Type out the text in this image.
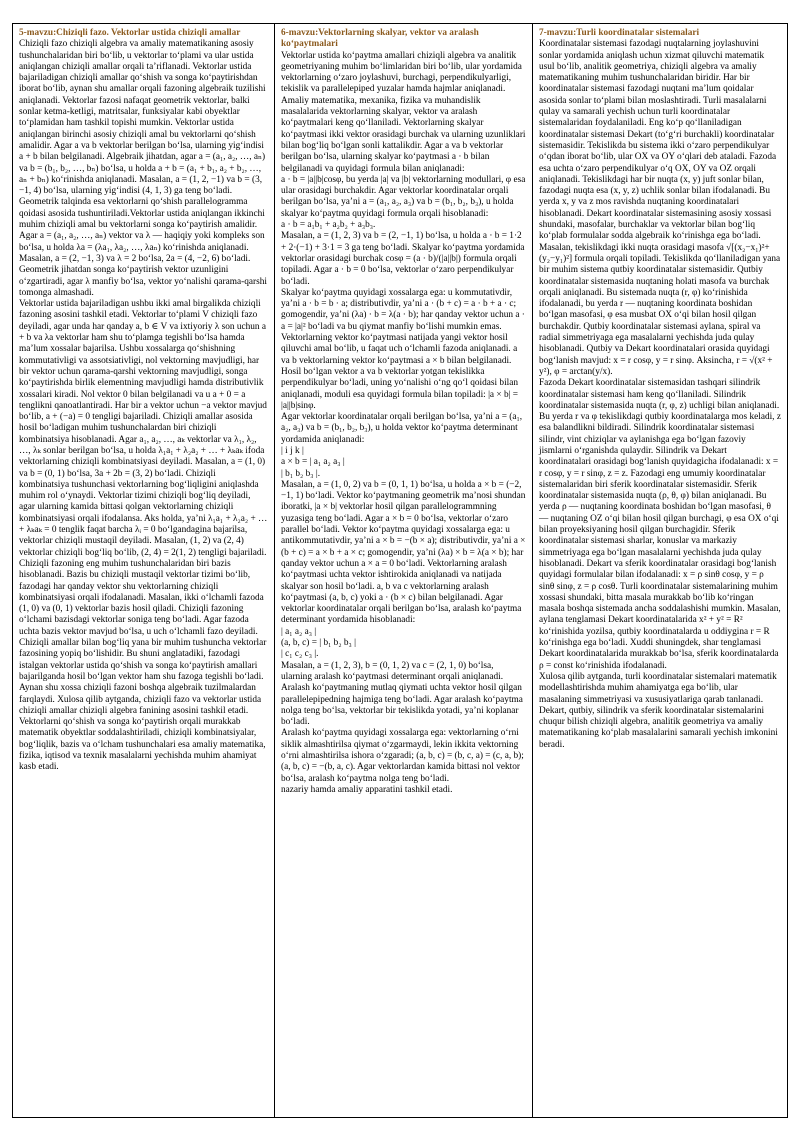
5-mavzu:Chiziqli fazo. Vektorlar ustida chiziqli amallar

Chiziqli fazo chiziqli algebra va amaliy matematikaning asosiy tushunchalaridan biri bo‘lib, u vektorlar to‘plami va ular ustida aniqlangan chiziqli amallar orqali ta’riflanadi. Vektorlar ustida bajariladigan chiziqli amallar qo‘shish va songa ko‘paytirishdan iborat bo‘lib, aynan shu amallar orqali fazoning algebraik tuzilishi aniqlanadi. Vektorlar fazosi nafaqat geometrik vektorlar, balki sonlar ketma-ketligi, matritsalar, funksiyalar kabi obyektlar to‘plamidan ham tashkil topishi mumkin. Vektorlar ustida aniqlangan birinchi asosiy chiziqli amal bu vektorlarni qo‘shish amalidir. Agar a va b vektorlar berilgan bo‘lsa, ularning yig‘indisi a + b bilan belgilanadi. Algebraik jihatdan, agar a = (a₁, a₂, …, aₙ) va b = (b₁, b₂, …, bₙ) bo‘lsa, u holda a + b = (a₁ + b₁, a₂ + b₂, …, aₙ + bₙ) ko‘rinishda aniqlanadi. Masalan, a = (1, 2, −1) va b = (3, −1, 4) bo‘lsa, ularning yig‘indisi (4, 1, 3) ga teng bo‘ladi. Geometrik talqinda esa vektorlarni qo‘shish parallelogramma qoidasi asosida tushuntiriladi.Vektorlar ustida aniqlangan ikkinchi muhim chiziqli amal bu vektorlarni songa ko‘paytirish amalidir. Agar a = (a₁, a₂, …, aₙ) vektor va λ — haqiqiy yoki kompleks son bo‘lsa, u holda λa = (λa₁, λa₂, …, λaₙ) ko‘rinishda aniqlanadi. Masalan, a = (2, −1, 3) va λ = 2 bo‘lsa, 2a = (4, −2, 6) bo‘ladi. Geometrik jihatdan songa ko‘paytirish vektor uzunligini o‘zgartiradi, agar λ manfiy bo‘lsa, vektor yo‘nalishi qarama-qarshi tomonga almashadi.
Vektorlar ustida bajariladigan ushbu ikki amal birgalikda chiziqli fazoning asosini tashkil etadi. Vektorlar to‘plami V chiziqli fazo deyiladi, agar unda har qanday a, b ∈ V va ixtiyoriy λ son uchun a + b va λa vektorlar ham shu to‘plamga tegishli bo‘lsa hamda ma’lum xossalar bajarilsa. Ushbu xossalarga qo‘shishning kommutativligi va assotsiativligi, nol vektorning mavjudligi, har bir vektor uchun qarama-qarshi vektorning mavjudligi, songa ko‘paytirishda birlik elementning mavjudligi hamda distributivlik xossalari kiradi. Nol vektor 0 bilan belgilanadi va u a + 0 = a tenglikni qanoatlantiradi. Har bir a vektor uchun −a vektor mavjud bo‘lib, a + (−a) = 0 tengligi bajariladi. Chiziqli amallar asosida hosil bo‘ladigan muhim tushunchalardan biri chiziqli kombinatsiya hisoblanadi. Agar a₁, a₂, …, aₖ vektorlar va λ₁, λ₂, …, λₖ sonlar berilgan bo‘lsa, u holda λ₁a₁ + λ₂a₂ + … + λₖaₖ ifoda vektorlarning chiziqli kombinatsiyasi deyiladi. Masalan, a = (1, 0) va b = (0, 1) bo‘lsa, 3a + 2b = (3, 2) bo‘ladi. Chiziqli kombinatsiya tushunchasi vektorlarning bog‘liqligini aniqlashda muhim rol o‘ynaydi. Vektorlar tizimi chiziqli bog‘liq deyiladi, agar ularning kamida bittasi qolgan vektorlarning chiziqli kombinatsiyasi orqali ifodalansa. Aks holda, ya’ni λ₁a₁ + λ₂a₂ + … + λₖaₖ = 0 tenglik faqat barcha λᵢ = 0 bo‘lgandagina bajarilsa, vektorlar chiziqli mustaqil deyiladi. Masalan, (1, 2) va (2, 4) vektorlar chiziqli bog‘liq bo‘lib, (2, 4) = 2(1, 2) tengligi bajariladi. Chiziqli fazoning eng muhim tushunchalaridan biri bazis hisoblanadi. Bazis bu chiziqli mustaqil vektorlar tizimi bo‘lib, fazodagi har qanday vektor shu vektorlarning chiziqli kombinatsiyasi orqali ifodalanadi. Masalan, ikki o‘lchamli fazoda (1, 0) va (0, 1) vektorlar bazis hosil qiladi. Chiziqli fazoning o‘lchami bazisdagi vektorlar soniga teng bo‘ladi. Agar fazoda uchta bazis vektor mavjud bo‘lsa, u uch o‘lchamli fazo deyiladi.
Chiziqli amallar bilan bog‘liq yana bir muhim tushuncha vektorlar fazosining yopiq bo‘lishidir. Bu shuni anglatadiki, fazodagi istalgan vektorlar ustida qo‘shish va songa ko‘paytirish amallari bajarilganda hosil bo‘lgan vektor ham shu fazoga tegishli bo‘ladi. Aynan shu xossa chiziqli fazoni boshqa algebraik tuzilmalardan farqlaydi. Xulosa qilib aytganda, chiziqli fazo va vektorlar ustida chiziqli amallar chiziqli algebra fanining asosini tashkil etadi. Vektorlarni qo‘shish va songa ko‘paytirish orqali murakkab matematik obyektlar soddalashtiriladi, chiziqli kombinatsiyalar, bog‘liqlik, bazis va o‘lcham tushunchalari esa amaliy matematika, fizika, iqtisod va texnik masalalarni yechishda muhim ahamiyat kasb etadi.

6-mavzu:Vektorlarning skalyar, vektor va aralash ko‘paytmalari

Vektorlar ustida ko‘paytma amallari chiziqli algebra va analitik geometriyaning muhim bo‘limlaridan biri bo‘lib, ular yordamida vektorlarning o‘zaro joylashuvi, burchagi, perpendikulyarligi, tekislik va parallelepiped yuzalar hamda hajmlar aniqlanadi. Amaliy matematika, mexanika, fizika va muhandislik masalalarida vektorlarning skalyar, vektor va aralash ko‘paytmalari keng qo‘llaniladi. Vektorlarning skalyar ko‘paytmasi ikki vektor orasidagi burchak va ularning uzunliklari bilan bog‘liq bo‘lgan sonli kattalikdir. Agar a va b vektorlar berilgan bo‘lsa, ularning skalyar ko‘paytmasi a · b bilan belgilanadi va quyidagi formula bilan aniqlanadi:
a · b = |a||b|cosφ, bu yerda |a| va |b| vektorlarning modullari, φ esa ular orasidagi burchakdir. Agar vektorlar koordinatalar orqali berilgan bo‘lsa, ya’ni a = (a₁, a₂, a₃) va b = (b₁, b₂, b₃), u holda skalyar ko‘paytma quyidagi formula orqali hisoblanadi:
a · b = a₁b₁ + a₂b₂ + a₃b₃.
Masalan, a = (1, 2, 3) va b = (2, −1, 1) bo‘lsa, u holda a · b = 1·2 + 2·(−1) + 3·1 = 3 ga teng bo‘ladi. Skalyar ko‘paytma yordamida vektorlar orasidagi burchak cosφ = (a · b)/(|a||b|) formula orqali topiladi. Agar a · b = 0 bo‘lsa, vektorlar o‘zaro perpendikulyar bo‘ladi.
Skalyar ko‘paytma quyidagi xossalarga ega: u kommutativdir, ya’ni a · b = b · a; distributivdir, ya’ni a · (b + c) = a · b + a · c; gomogendir, ya’ni (λa) · b = λ(a · b); har qanday vektor uchun a · a = |a|² bo‘ladi va bu qiymat manfiy bo‘lishi mumkin emas.
Vektorlarning vektor ko‘paytmasi natijada yangi vektor hosil qiluvchi amal bo‘lib, u faqat uch o‘lchamli fazoda aniqlanadi. a va b vektorlarning vektor ko‘paytmasi a × b bilan belgilanadi. Hosil bo‘lgan vektor a va b vektorlar yotgan tekislikka perpendikulyar bo‘ladi, uning yo‘nalishi o‘ng qo‘l qoidasi bilan aniqlanadi, moduli esa quyidagi formula bilan topiladi: |a × b| = |a||b|sinφ.
Agar vektorlar koordinatalar orqali berilgan bo‘lsa, ya’ni a = (a₁, a₂, a₃) va b = (b₁, b₂, b₃), u holda vektor ko‘paytma determinant yordamida aniqlanadi:
| i j k |
a × b = | a₁ a₂ a₃ |
| b₁ b₂ b₃ |.
Masalan, a = (1, 0, 2) va b = (0, 1, 1) bo‘lsa, u holda a × b = (−2, −1, 1) bo‘ladi. Vektor ko‘paytmaning geometrik ma’nosi shundan iboratki, |a × b| vektorlar hosil qilgan parallelogrammning yuzasiga teng bo‘ladi. Agar a × b = 0 bo‘lsa, vektorlar o‘zaro parallel bo‘ladi. Vektor ko‘paytma quyidagi xossalarga ega: u antikommutativdir, ya’ni a × b = −(b × a); distributivdir, ya’ni a × (b + c) = a × b + a × c; gomogendir, ya’ni (λa) × b = λ(a × b); har qanday vektor uchun a × a = 0 bo‘ladi. Vektorlarning aralash ko‘paytmasi uchta vektor ishtirokida aniqlanadi va natijada skalyar son hosil bo‘ladi. a, b va c vektorlarning aralash ko‘paytmasi (a, b, c) yoki a · (b × c) bilan belgilanadi. Agar vektorlar koordinatalar orqali berilgan bo‘lsa, aralash ko‘paytma determinant yordamida hisoblanadi:
| a₁ a₂ a₃ |
(a, b, c) = | b₁ b₂ b₃ |
| c₁ c₂ c₃ |.
Masalan, a = (1, 2, 3), b = (0, 1, 2) va c = (2, 1, 0) bo‘lsa, ularning aralash ko‘paytmasi determinant orqali aniqlanadi. Aralash ko‘paytmaning mutlaq qiymati uchta vektor hosil qilgan parallelepipedning hajmiga teng bo‘ladi. Agar aralash ko‘paytma nolga teng bo‘lsa, vektorlar bir tekislikda yotadi, ya’ni koplanar bo‘ladi.
Aralash ko‘paytma quyidagi xossalarga ega: vektorlarning o‘rni siklik almashtirilsa qiymat o‘zgarmaydi, lekin ikkita vektorning o‘rni almashtirilsa ishora o‘zgaradi; (a, b, c) = (b, c, a) = (c, a, b); (a, b, c) = −(b, a, c). Agar vektorlardan kamida bittasi nol vektor bo‘lsa, aralash ko‘paytma nolga teng bo‘ladi.
nazariy hamda amaliy apparatini tashkil etadi.

7-mavzu:Turli koordinatalar sistemalari

Koordinatalar sistemasi fazodagi nuqtalarning joylashuvini sonlar yordamida aniqlash uchun xizmat qiluvchi matematik usul bo‘lib, analitik geometriya, chiziqli algebra va amaliy matematikaning muhim tushunchalaridan biridir. Har bir koordinatalar sistemasi fazodagi nuqtani ma’lum qoidalar asosida sonlar to‘plami bilan moslashtiradi. Turli masalalarni qulay va samarali yechish uchun turli koordinatalar sistemalaridan foydalaniladi. Eng ko‘p qo‘llaniladigan koordinatalar sistemasi Dekart (to‘g‘ri burchakli) koordinatalar sistemasidir. Tekislikda bu sistema ikki o‘zaro perpendikulyar o‘qdan iborat bo‘lib, ular OX va OY o‘qlari deb ataladi. Fazoda esa uchta o‘zaro perpendikulyar o‘q OX, OY va OZ orqali aniqlanadi. Tekislikdagi har bir nuqta (x, y) juft sonlar bilan, fazodagi nuqta esa (x, y, z) uchlik sonlar bilan ifodalanadi. Bu yerda x, y va z mos ravishda nuqtaning koordinatalari hisoblanadi. Dekart koordinatalar sistemasining asosiy xossasi shundaki, masofalar, burchaklar va vektorlar bilan bog‘liq ko‘plab formulalar sodda algebraik ko‘rinishga ega bo‘ladi. Masalan, tekislikdagi ikki nuqta orasidagi masofa √[(x₂−x₁)²+(y₂−y₁)²] formula orqali topiladi. Tekislikda qo‘llaniladigan yana bir muhim sistema qutbiy koordinatalar sistemasidir. Qutbiy koordinatalar sistemasida nuqtaning holati masofa va burchak orqali aniqlanadi. Bu sistemada nuqta (r, φ) ko‘rinishida ifodalanadi, bu yerda r — nuqtaning koordinata boshidan bo‘lgan masofasi, φ esa musbat OX o‘qi bilan hosil qilgan burchakdir. Qutbiy koordinatalar sistemasi aylana, spiral va radial simmetriyaga ega masalalarni yechishda juda qulay hisoblanadi. Qutbiy va Dekart koordinatalari orasida quyidagi bog‘lanish mavjud: x = r cosφ, y = r sinφ. Aksincha, r = √(x² + y²), φ = arctan(y/x).
Fazoda Dekart koordinatalar sistemasidan tashqari silindrik koordinatalar sistemasi ham keng qo‘llaniladi. Silindrik koordinatalar sistemasida nuqta (r, φ, z) uchligi bilan aniqlanadi. Bu yerda r va φ tekislikdagi qutbiy koordinatalarga mos keladi, z esa balandlikni bildiradi. Silindrik koordinatalar sistemasi silindr, vint chiziqlar va aylanishga ega bo‘lgan fazoviy jismlarni o‘rganishda qulaydir. Silindrik va Dekart koordinatalari orasidagi bog‘lanish quyidagicha ifodalanadi: x = r cosφ, y = r sinφ, z = z. Fazodagi eng umumiy koordinatalar sistemalaridan biri sferik koordinatalar sistemasidir. Sferik koordinatalar sistemasida nuqta (ρ, θ, φ) bilan aniqlanadi. Bu yerda ρ — nuqtaning koordinata boshidan bo‘lgan masofasi, θ — nuqtaning OZ o‘qi bilan hosil qilgan burchagi, φ esa OX o‘qi bilan proyeksiyaning hosil qilgan burchagidir. Sferik koordinatalar sistemasi sharlar, konuslar va markaziy simmetriyaga ega bo‘lgan masalalarni yechishda juda qulay hisoblanadi. Dekart va sferik koordinatalar orasidagi bog‘lanish quyidagi formulalar bilan ifodalanadi: x = ρ sinθ cosφ, y = ρ sinθ sinφ, z = ρ cosθ. Turli koordinatalar sistemalarining muhim xossasi shundaki, bitta masala murakkab bo‘lib ko‘ringan masala boshqa sistemada ancha soddalashishi mumkin. Masalan, aylana tenglamasi Dekart koordinatalarida x² + y² = R² ko‘rinishida yozilsa, qutbiy koordinatalarda u oddiygina r = R ko‘rinishga ega bo‘ladi. Xuddi shuningdek, shar tenglamasi Dekart koordinatalarida murakkab bo‘lsa, sferik koordinatalarda ρ = const ko‘rinishida ifodalanadi.
Xulosa qilib aytganda, turli koordinatalar sistemalari matematik modellashtirishda muhim ahamiyatga ega bo‘lib, ular masalaning simmetriyasi va xususiyatlariga qarab tanlanadi. Dekart, qutbiy, silindrik va sferik koordinatalar sistemalarini chuqur bilish chiziqli algebra, analitik geometriya va amaliy matematikaning ko‘plab masalalarini samarali yechish imkonini beradi.
